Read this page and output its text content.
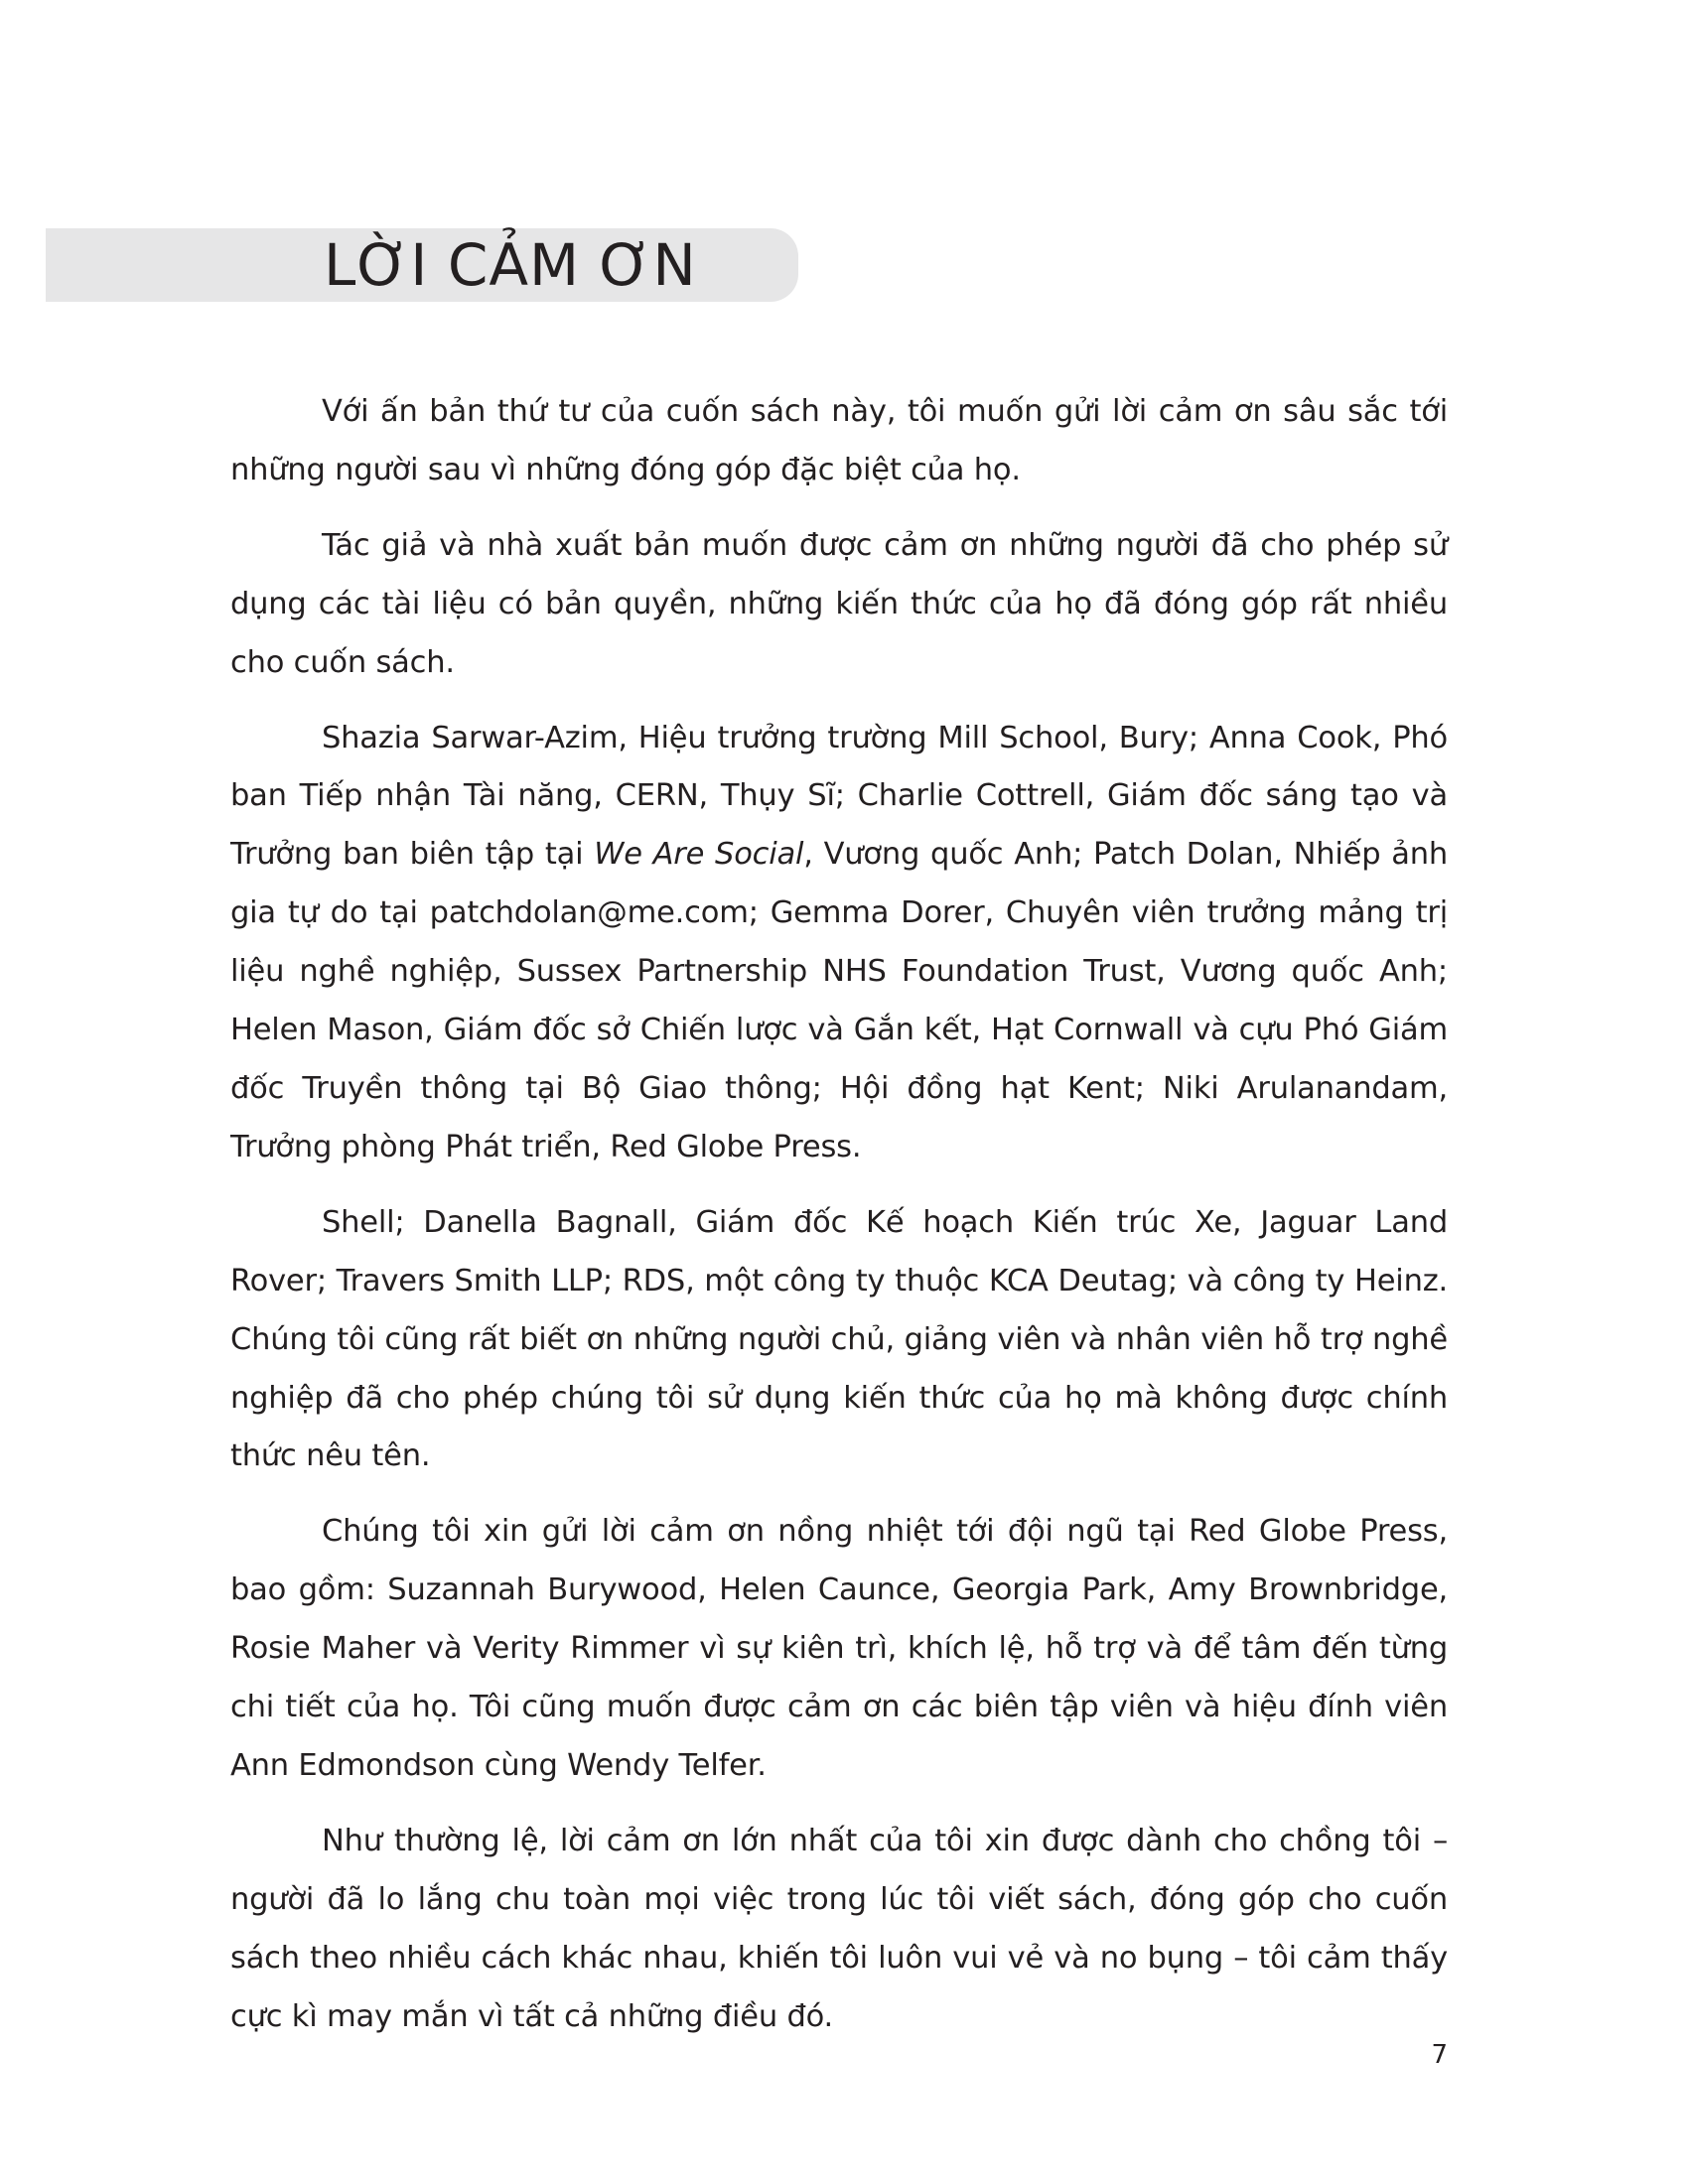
LỜI CẢM ƠN

Với ấn bản thứ tư của cuốn sách này, tôi muốn gửi lời cảm ơn sâu sắc tới những người sau vì những đóng góp đặc biệt của họ.

Tác giả và nhà xuất bản muốn được cảm ơn những người đã cho phép sử dụng các tài liệu có bản quyền, những kiến thức của họ đã đóng góp rất nhiều cho cuốn sách.

Shazia Sarwar-Azim, Hiệu trưởng trường Mill School, Bury; Anna Cook, Phó ban Tiếp nhận Tài năng, CERN, Thụy Sĩ; Charlie Cottrell, Giám đốc sáng tạo và Trưởng ban biên tập tại We Are Social, Vương quốc Anh; Patch Dolan, Nhiếp ảnh gia tự do tại patchdolan@me.com; Gemma Dorer, Chuyên viên trưởng mảng trị liệu nghề nghiệp, Sussex Partnership NHS Foundation Trust, Vương quốc Anh; Helen Mason, Giám đốc sở Chiến lược và Gắn kết, Hạt Cornwall và cựu Phó Giám đốc Truyền thông tại Bộ Giao thông; Hội đồng hạt Kent; Niki Arulanandam, Trưởng phòng Phát triển, Red Globe Press.

Shell; Danella Bagnall, Giám đốc Kế hoạch Kiến trúc Xe, Jaguar Land Rover; Travers Smith LLP; RDS, một công ty thuộc KCA Deutag; và công ty Heinz. Chúng tôi cũng rất biết ơn những người chủ, giảng viên và nhân viên hỗ trợ nghề nghiệp đã cho phép chúng tôi sử dụng kiến thức của họ mà không được chính thức nêu tên.

Chúng tôi xin gửi lời cảm ơn nồng nhiệt tới đội ngũ tại Red Globe Press, bao gồm: Suzannah Burywood, Helen Caunce, Georgia Park, Amy Brownbridge, Rosie Maher và Verity Rimmer vì sự kiên trì, khích lệ, hỗ trợ và để tâm đến từng chi tiết của họ. Tôi cũng muốn được cảm ơn các biên tập viên và hiệu đính viên Ann Edmondson cùng Wendy Telfer.

Như thường lệ, lời cảm ơn lớn nhất của tôi xin được dành cho chồng tôi – người đã lo lắng chu toàn mọi việc trong lúc tôi viết sách, đóng góp cho cuốn sách theo nhiều cách khác nhau, khiến tôi luôn vui vẻ và no bụng – tôi cảm thấy cực kì may mắn vì tất cả những điều đó.

7
